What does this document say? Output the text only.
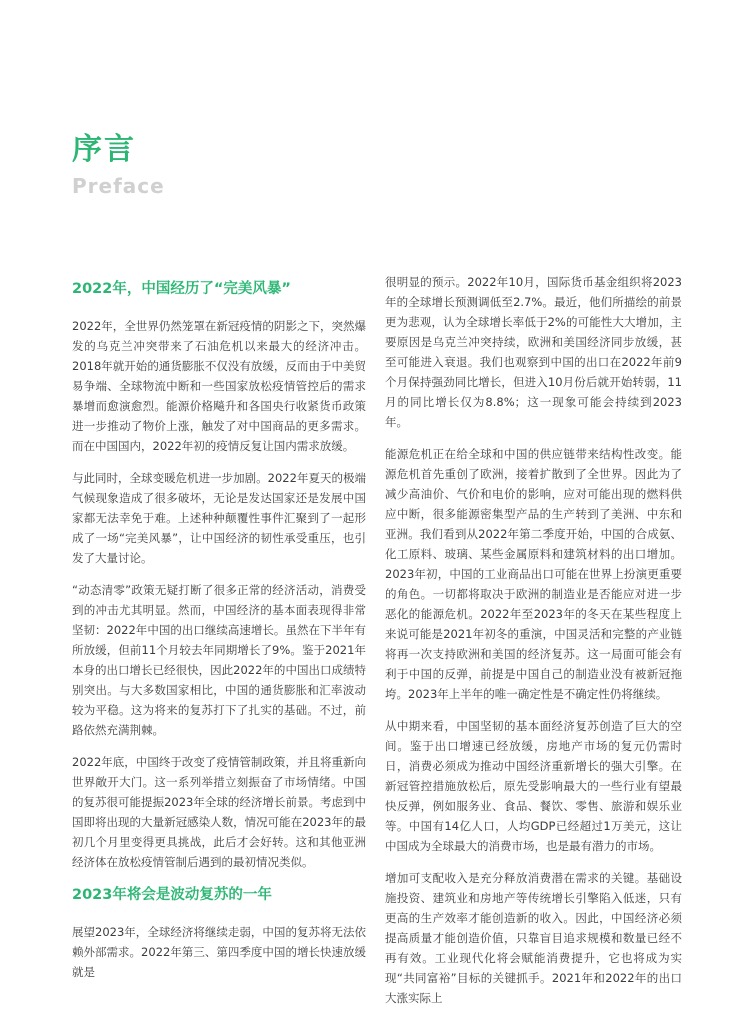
序言
Preface
2022年，中国经历了“完美风暴”

2022年，全世界仍然笼罩在新冠疫情的阴影之下，突然爆发的乌克兰冲突带来了石油危机以来最大的经济冲击。2018年就开始的通货膨胀不仅没有放缓，反而由于中美贸易争端、全球物流中断和一些国家放松疫情管控后的需求暴增而愈演愈烈。能源价格飚升和各国央行收紧货币政策进一步推动了物价上涨，触发了对中国商品的更多需求。而在中国国内，2022年初的疫情反复让国内需求放缓。

与此同时，全球变暖危机进一步加剧。2022年夏天的极端气候现象造成了很多破坏，无论是发达国家还是发展中国家都无法幸免于难。上述种种颠覆性事件汇聚到了一起形成了一场“完美风暴”，让中国经济的韧性承受重压，也引发了大量讨论。

“动态清零”政策无疑打断了很多正常的经济活动，消费受到的冲击尤其明显。然而，中国经济的基本面表现得非常坚韧：2022年中国的出口继续高速增长。虽然在下半年有所放缓，但前11个月较去年同期增长了9%。鉴于2021年本身的出口增长已经很快，因此2022年的中国出口成绩特别突出。与大多数国家相比，中国的通货膨胀和汇率波动较为平稳。这为将来的复苏打下了扎实的基础。不过，前路依然充满荆棘。

2022年底，中国终于改变了疫情管制政策，并且将重新向世界敞开大门。这一系列举措立刻振奋了市场情绪。中国的复苏很可能提振2023年全球的经济增长前景。考虑到中国即将出现的大量新冠感染人数，情况可能在2023年的最初几个月里变得更具挑战，此后才会好转。这和其他亚洲经济体在放松疫情管制后遇到的最初情况类似。

2023年将会是波动复苏的一年

展望2023年，全球经济将继续走弱，中国的复苏将无法依赖外部需求。2022年第三、第四季度中国的增长快速放缓就是

很明显的预示。2022年10月，国际货币基金组织将2023年的全球增长预测调低至2.7%。最近，他们所描绘的前景更为悲观，认为全球增长率低于2%的可能性大大增加，主要原因是乌克兰冲突持续，欧洲和美国经济同步放缓，甚至可能进入衰退。我们也观察到中国的出口在2022年前9个月保持强劲同比增长，但进入10月份后就开始转弱，11月的同比增长仅为8.8%；这一现象可能会持续到2023年。

能源危机正在给全球和中国的供应链带来结构性改变。能源危机首先重创了欧洲，接着扩散到了全世界。因此为了减少高油价、气价和电价的影响，应对可能出现的燃料供应中断，很多能源密集型产品的生产转到了美洲、中东和亚洲。我们看到从2022年第二季度开始，中国的合成氨、化工原料、玻璃、某些金属原料和建筑材料的出口增加。2023年初，中国的工业商品出口可能在世界上扮演更重要的角色。一切都将取决于欧洲的制造业是否能应对进一步恶化的能源危机。2022年至2023年的冬天在某些程度上来说可能是2021年初冬的重演，中国灵活和完整的产业链将再一次支持欧洲和美国的经济复苏。这一局面可能会有利于中国的反弹，前提是中国自己的制造业没有被新冠拖垮。2023年上半年的唯一确定性是不确定性仍将继续。

从中期来看，中国坚韧的基本面经济复苏创造了巨大的空间。鉴于出口增速已经放缓，房地产市场的复元仍需时日，消费必须成为推动中国经济重新增长的强大引擎。在新冠管控措施放松后，原先受影响最大的一些行业有望最快反弹，例如服务业、食品、餐饮、零售、旅游和娱乐业等。中国有14亿人口，人均GDP已经超过1万美元，这让中国成为全球最大的消费市场，也是最有潜力的市场。

增加可支配收入是充分释放消费潜在需求的关键。基础设施投资、建筑业和房地产等传统增长引擎陷入低迷，只有更高的生产效率才能创造新的收入。因此，中国经济必须提高质量才能创造价值，只靠盲目追求规模和数量已经不再有效。工业现代化将会赋能消费提升，它也将成为实现“共同富裕”目标的关键抓手。2021年和2022年的出口大涨实际上
